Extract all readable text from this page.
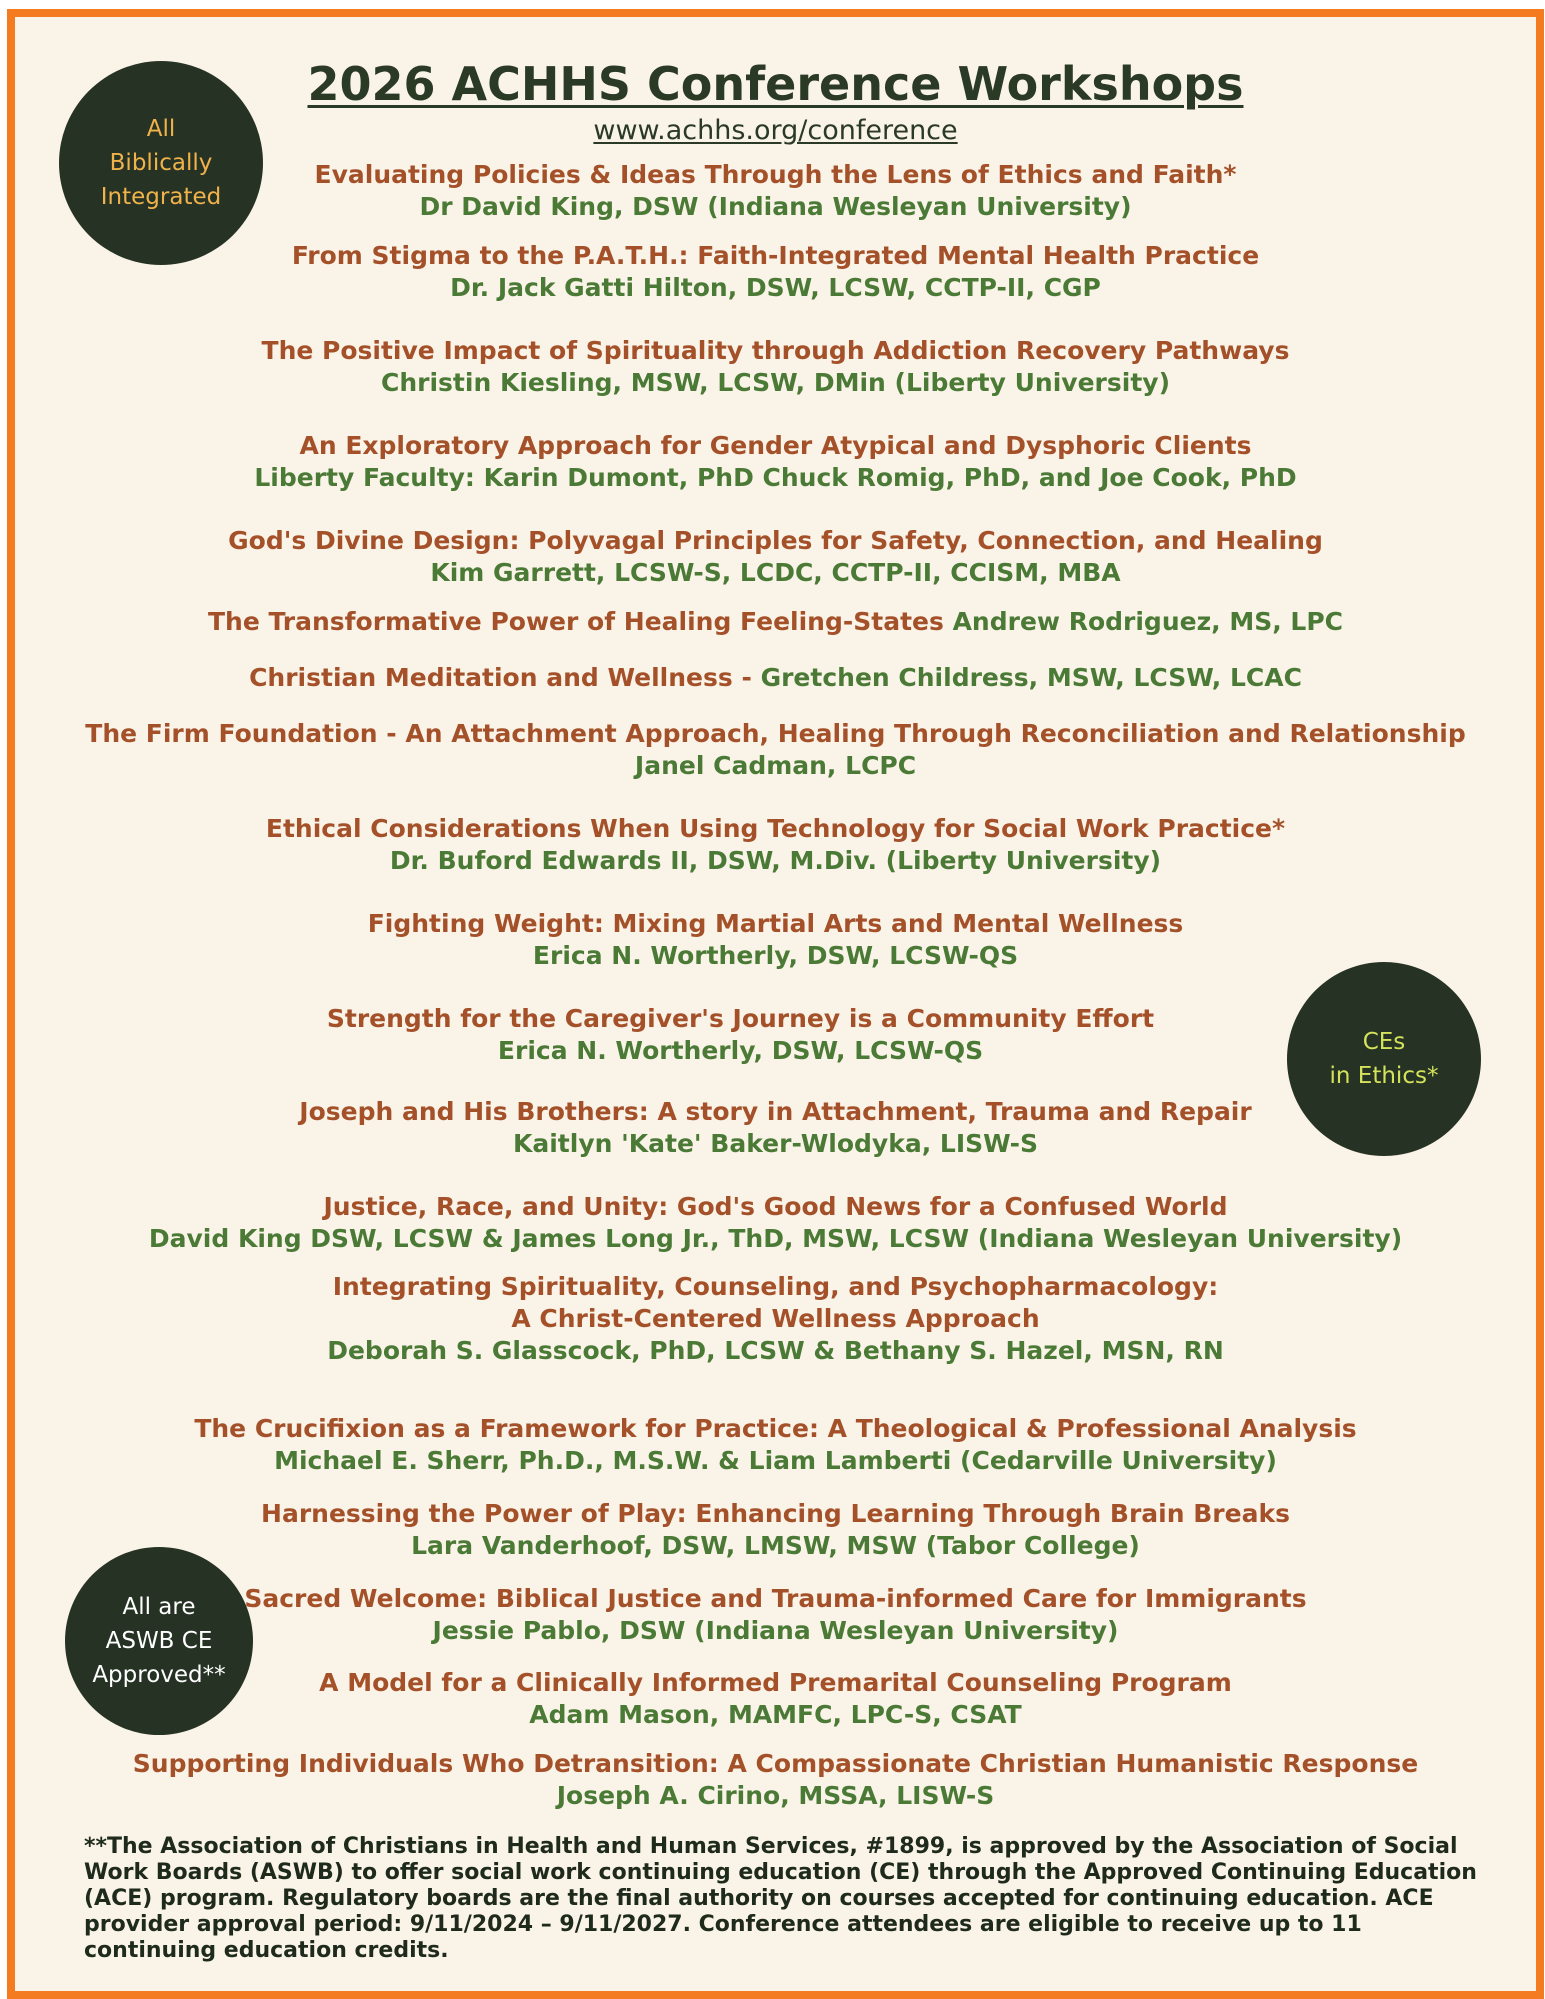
2026 ACHHS Conference Workshops
www.achhs.org/conference
All
Biblically
Integrated
CEs
in Ethics*
All are
ASWB CE
Approved**
Evaluating Policies & Ideas Through the Lens of Ethics and Faith*
Dr David King, DSW (Indiana Wesleyan University)
From Stigma to the P.A.T.H.: Faith-Integrated Mental Health Practice
Dr. Jack Gatti Hilton, DSW, LCSW, CCTP-II, CGP
The Positive Impact of Spirituality through Addiction Recovery Pathways
Christin Kiesling, MSW, LCSW, DMin (Liberty University)
An Exploratory Approach for Gender Atypical and Dysphoric Clients
Liberty Faculty: Karin Dumont, PhD Chuck Romig, PhD, and Joe Cook, PhD
God's Divine Design: Polyvagal Principles for Safety, Connection, and Healing
Kim Garrett, LCSW-S, LCDC, CCTP-II, CCISM, MBA
The Transformative Power of Healing Feeling-States Andrew Rodriguez, MS, LPC
Christian Meditation and Wellness - Gretchen Childress, MSW, LCSW, LCAC
The Firm Foundation - An Attachment Approach, Healing Through Reconciliation and Relationship
Janel Cadman, LCPC
Ethical Considerations When Using Technology for Social Work Practice*
Dr. Buford Edwards II, DSW, M.Div. (Liberty University)
Fighting Weight: Mixing Martial Arts and Mental Wellness
Erica N. Wortherly, DSW, LCSW-QS
Strength for the Caregiver's Journey is a Community Effort
Erica N. Wortherly, DSW, LCSW-QS
Joseph and His Brothers: A story in Attachment, Trauma and Repair
Kaitlyn 'Kate' Baker-Wlodyka, LISW-S
Justice, Race, and Unity: God's Good News for a Confused World
David King DSW, LCSW & James Long Jr., ThD, MSW, LCSW (Indiana Wesleyan University)
Integrating Spirituality, Counseling, and Psychopharmacology:
A Christ-Centered Wellness Approach
Deborah S. Glasscock, PhD, LCSW & Bethany S. Hazel, MSN, RN
The Crucifixion as a Framework for Practice: A Theological & Professional Analysis
Michael E. Sherr, Ph.D., M.S.W. & Liam Lamberti (Cedarville University)
Harnessing the Power of Play: Enhancing Learning Through Brain Breaks
Lara Vanderhoof, DSW, LMSW, MSW (Tabor College)
Sacred Welcome: Biblical Justice and Trauma-informed Care for Immigrants
Jessie Pablo, DSW (Indiana Wesleyan University)
A Model for a Clinically Informed Premarital Counseling Program
Adam Mason, MAMFC, LPC-S, CSAT
Supporting Individuals Who Detransition: A Compassionate Christian Humanistic Response
Joseph A. Cirino, MSSA, LISW-S
**The Association of Christians in Health and Human Services, #1899, is approved by the Association of Social Work Boards (ASWB) to offer social work continuing education (CE) through the Approved Continuing Education (ACE) program. Regulatory boards are the final authority on courses accepted for continuing education. ACE provider approval period: 9/11/2024 – 9/11/2027. Conference attendees are eligible to receive up to 11 continuing education credits.
